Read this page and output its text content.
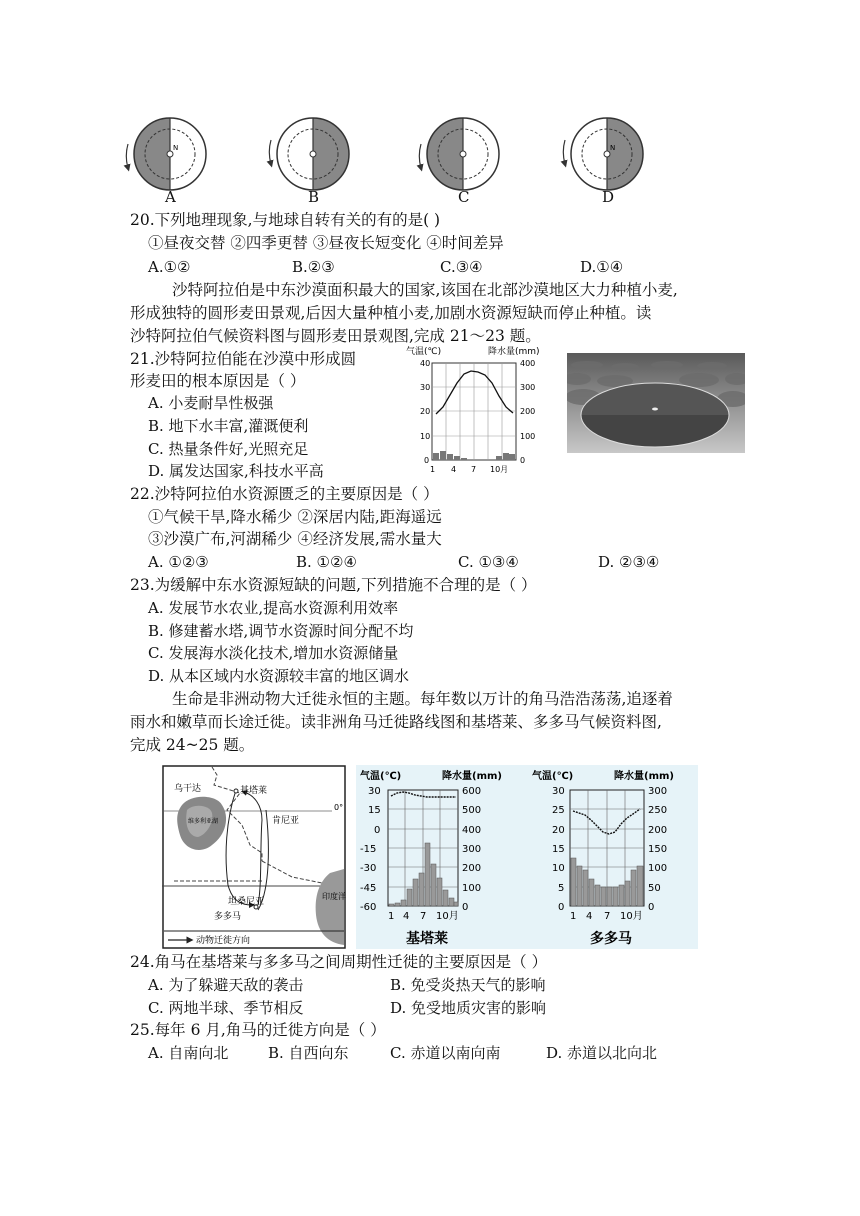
N	N
A	B	C	D
20.下列地理现象,与地球自转有关的有的是( )
①昼夜交替 ②四季更替 ③昼夜长短变化 ④时间差异
A.①②	B.②③	C.③④	D.①④
沙特阿拉伯是中东沙漠面积最大的国家,该国在北部沙漠地区大力种植小麦,
形成独特的圆形麦田景观,后因大量种植小麦,加剧水资源短缺而停止种植。读
沙特阿拉伯气候资料图与圆形麦田景观图,完成 21～23 题。
21.沙特阿拉伯能在沙漠中形成圆
形麦田的根本原因是（ ）
A. 小麦耐旱性极强
B. 地下水丰富,灌溉便利
C. 热量条件好,光照充足
D. 属发达国家,科技水平高
气温(℃)	降水量(mm)
40
30
20
10
0
400
300
200
100
0
1 4 7 10月
22.沙特阿拉伯水资源匮乏的主要原因是（ ）
①气候干旱,降水稀少 ②深居内陆,距海遥远
③沙漠广布,河湖稀少 ④经济发展,需水量大
A. ①②③	B. ①②④	C. ①③④	D. ②③④
23.为缓解中东水资源短缺的问题,下列措施不合理的是（ ）
A. 发展节水农业,提高水资源利用效率
B. 修建蓄水塔,调节水资源时间分配不均
C. 发展海水淡化技术,增加水资源储量
D. 从本区域内水资源较丰富的地区调水
生命是非洲动物大迁徙永恒的主题。每年数以万计的角马浩浩荡荡,追逐着
雨水和嫩草而长途迁徙。读非洲角马迁徙路线图和基塔莱、多多马气候资料图,
完成 24~25 题。
乌干达	基塔莱
肯尼亚
0°
坦桑尼亚
多多马
维多利亚湖
印度洋
动物迁徙方向
气温(℃)	降水量(mm)
30
15
0
-15
-30
-45
-60
600
500
400
300
200
100
0
1 4 7 10月
基塔莱
气温(℃)	降水量(mm)
30
25
20
15
10
5
0
300
250
200
150
100
50
0
1 4 7 10月
多多马
24.角马在基塔莱与多多马之间周期性迁徙的主要原因是（ ）
A. 为了躲避天敌的袭击	B. 免受炎热天气的影响
C. 两地半球、季节相反	D. 免受地质灾害的影响
25.每年 6 月,角马的迁徙方向是（ ）
A. 自南向北	B. 自西向东	C. 赤道以南向南	D. 赤道以北向北
